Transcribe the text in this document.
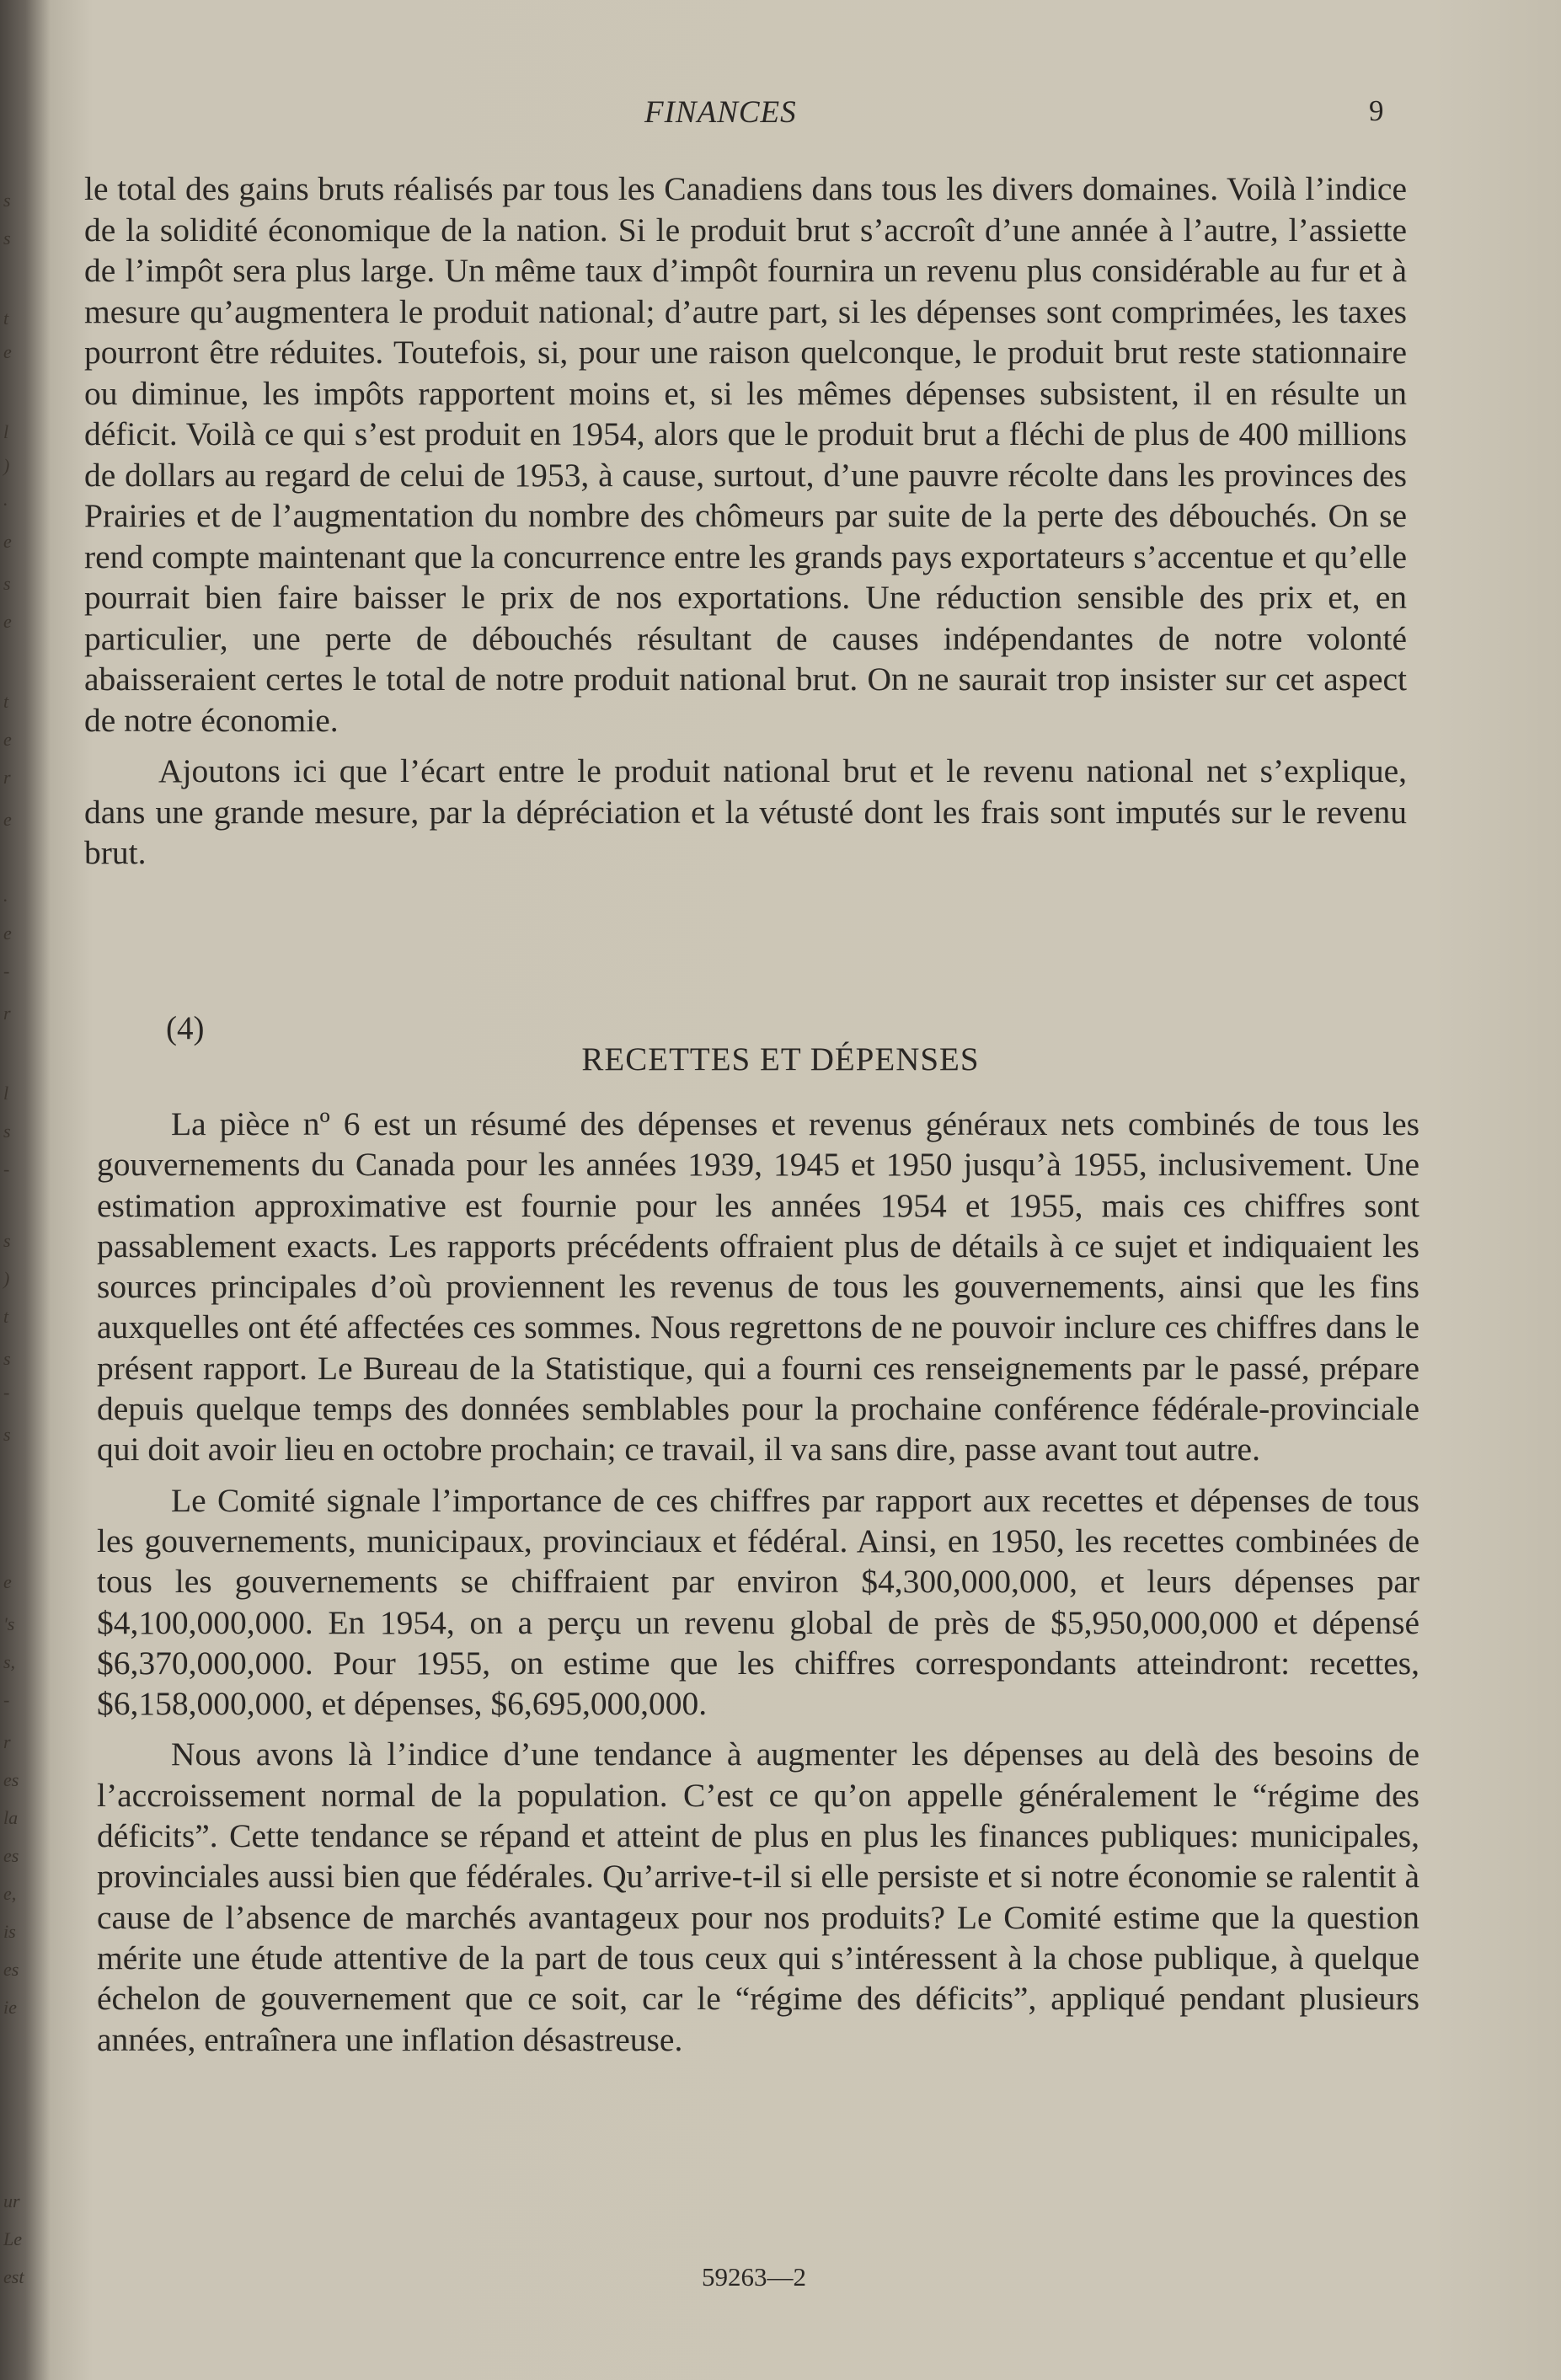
s
s
t
e
l
)
.
e
s
e
t
e
r
e
.
e
-
r
l
s
-
s
)
t
s
-
s
e
's
s,
-
r
es
la
es
e,
is
es
ie
ur
Le
est
FINANCES	9

le total des gains bruts réalisés par tous les Canadiens dans tous les divers domaines. Voilà l’indice de la solidité économique de la nation. Si le produit brut s’accroît d’une année à l’autre, l’assiette de l’impôt sera plus large. Un même taux d’impôt fournira un revenu plus considérable au fur et à mesure qu’augmentera le produit national; d’autre part, si les dépenses sont comprimées, les taxes pourront être réduites. Toutefois, si, pour une raison quelconque, le produit brut reste stationnaire ou diminue, les impôts rapportent moins et, si les mêmes dépenses subsistent, il en résulte un déficit. Voilà ce qui s’est produit en 1954, alors que le produit brut a fléchi de plus de 400 millions de dollars au regard de celui de 1953, à cause, surtout, d’une pauvre récolte dans les provinces des Prairies et de l’augmentation du nombre des chômeurs par suite de la perte des débouchés. On se rend compte maintenant que la concurrence entre les grands pays exportateurs s’accentue et qu’elle pourrait bien faire baisser le prix de nos exportations. Une réduction sensible des prix et, en particulier, une perte de débouchés résultant de causes indépendantes de notre volonté abaisseraient certes le total de notre produit national brut. On ne saurait trop insister sur cet aspect de notre économie.

Ajoutons ici que l’écart entre le produit national brut et le revenu national net s’explique, dans une grande mesure, par la dépréciation et la vétusté dont les frais sont imputés sur le revenu brut.

(4)
RECETTES ET DÉPENSES

La pièce nº 6 est un résumé des dépenses et revenus généraux nets combinés de tous les gouvernements du Canada pour les années 1939, 1945 et 1950 jusqu’à 1955, inclusivement. Une estimation approximative est fournie pour les années 1954 et 1955, mais ces chiffres sont passablement exacts. Les rapports précédents offraient plus de détails à ce sujet et indiquaient les sources principales d’où proviennent les revenus de tous les gouvernements, ainsi que les fins auxquelles ont été affectées ces sommes. Nous regrettons de ne pouvoir inclure ces chiffres dans le présent rapport. Le Bureau de la Statistique, qui a fourni ces renseignements par le passé, prépare depuis quelque temps des données semblables pour la prochaine conférence fédérale-provinciale qui doit avoir lieu en octobre prochain; ce travail, il va sans dire, passe avant tout autre.

Le Comité signale l’importance de ces chiffres par rapport aux recettes et dépenses de tous les gouvernements, municipaux, provinciaux et fédéral. Ainsi, en 1950, les recettes combinées de tous les gouvernements se chiffraient par environ $4,300,000,000, et leurs dépenses par $4,100,000,000. En 1954, on a perçu un revenu global de près de $5,950,000,000 et dépensé $6,370,000,000. Pour 1955, on estime que les chiffres correspondants atteindront: recettes, $6,158,000,000, et dépenses, $6,695,000,000.

Nous avons là l’indice d’une tendance à augmenter les dépenses au delà des besoins de l’accroissement normal de la population. C’est ce qu’on appelle généralement le “régime des déficits”. Cette tendance se répand et atteint de plus en plus les finances publiques: municipales, provinciales aussi bien que fédérales. Qu’arrive-t-il si elle persiste et si notre économie se ralentit à cause de l’absence de marchés avantageux pour nos produits? Le Comité estime que la question mérite une étude attentive de la part de tous ceux qui s’intéressent à la chose publique, à quelque échelon de gouvernement que ce soit, car le “régime des déficits”, appliqué pendant plusieurs années, entraînera une inflation désastreuse.

59263—2
